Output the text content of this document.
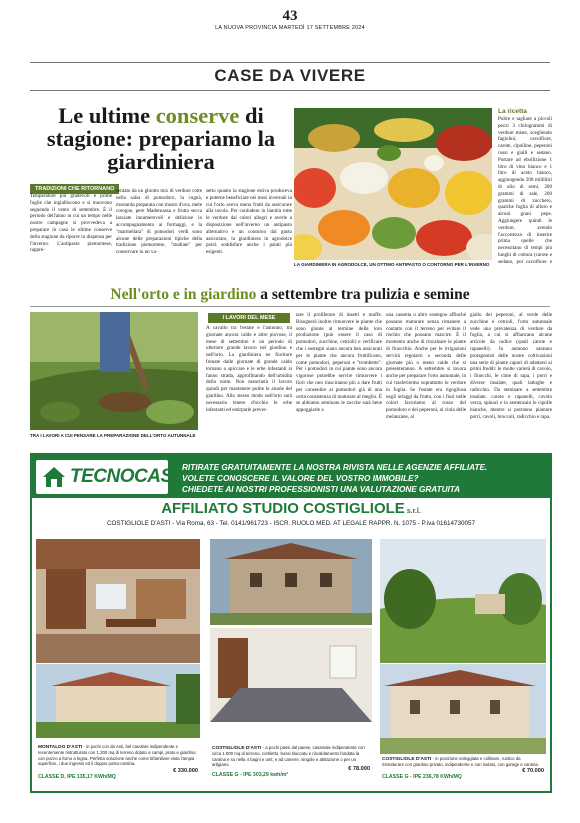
43
LA NUOVA PROVINCIA MARTEDÌ 17 SETTEMBRE 2024
CASE DA VIVERE
Le ultime conserve di stagione: prepariamo la giardiniera
TRADIZIONI CHE RITORNANO
Temperature più gradevoli e prime foglie che ingialliscono e si muovono seguendo il vento di settembre. È il periodo dell'anno in cui un tempo nelle nostre campagne si provvedeva a preparare in casa le ultime conserve della stagione da riporre in dispensa per l'inverno. L'antipasto piemontese, rappre-
sentato da un ghiotto mix di verdure cotte nella salsa di pomodoro, la cugnà, mostarda preparata con mosto d'uva, mele cotogne, pere Madernassa e frutta secca lasciate innumerevoli e deliziose in accompagnamento ai formaggi, e la "marmellata" di pomodori verdi sono alcune delle preparazioni tipiche della tradizione piemontese, "studiate" per conservare in un va-
setto quanto la stagione estiva produceva e poterne beneficiare nei mesi invernali in cui l'orto aveva meno frutti da assicurare alla tavola. Per conludere in bantità tutte le verdure dai colori allegri e averle a disposizione nell'inverno un antipasto alternativo e un contorno dal gusto assicurato, la giardiniera in agrodolce potrà soddisfare anche i palati più esigenti.
LA GIARDINIERA IN AGRODOLCE, UN OTTIMO ANTIPASTO O CONTORNO PER L'INVERNO
La ricetta
Pulire e tagliare a piccoli pezzi 3 chilogrammi di verdure miste, scegliendo fagiolini, cavolfiore, carote, cipolline, peperoni rossi e gialli e sedano. Portare ad ebollizione 1 litro di vino bianco e 1 litro di aceto bianco, aggiungendo 200 millilitri di olio di semi, 200 grammi di sale, 200 grammi di zucchero, qualche foglia di alloro e alcuni grani pepe. Aggiungere quindi le verdure, avendo l'accortezza di inserire prima quelle che necessitano di tempi più lunghi di cottura (carote e sedano, poi cavolfiore e
Nell'orto e in giardino a settembre tra pulizia e semine
TRA I LAVORI A CUI PENSARE LA PREPARAZIONE DELL'ORTO AUTUNNALE
I LAVORI DEL MESE
A cavallo tra l'estate e l'autunno, tra giornate ancora calde e altre piovose, il mese di settembre è un periodo di ulteriore grande lavoro nel giardino e nell'orto. La giardiniera ne fioriture frenate dalle giornate di grande caldo tornano a spiccare e le erbe infestanti si fanno strada, approfittando dell'umidità della notte. Non mancherà il lavoro quindi per mantenere pulite le aiuole del giardino. Allo stesso modo nell'orto sarà necessario tenere d'occhio le erbe infestanti ed estirparle prever-
tare il proliferare di insetti e muffe. Bisognerà inoltre rimuovere le piante che sono giunte al termine della loro produzione (può essere il caso di pomodori, zucchine, cetrioli) e verificare che i sostegni siano ancora ben assicurati per le piante che ancora fruttificano, come pomodori, peperoni e "trombette". Per i pomodori in cui piante sono ancora vigorose potrebbe servire rimuovere i fiori che non riusciranno più a dare frutti per consentire ai pomodori già di una certa consistenza di maturare al meglio. È se abbiamo seminato le zucche sarà bene appoggiarle a
una cassetta o altro sostegno affinché possano maturare senza rimanere a contatto con il terreno per evitare il rischio che possano marcire. È il momento anche di rincalzare le piante di finocchio. Anche per le irrigazioni servirà regolarsi a seconda delle giornate più o meno calde che si presenteranno. A settembre si lavora anche per preparare l'orto autunnale, in cui trasferiremo soprattutto le verdure in foglia. Se l'estate era rigogliosa negli ortaggi da frutto, con i fiori nelle colori favoriamo al rosso del pomodoro e dei peperoni, al viola delle melanzane, al
giallo dei peperoni, al verde delle zucchine e cetrioli, l'orto autunnale vede una prevalenza di verdure da foglia, a cui si affiancano alcune articole da radice (quali carote e rapanelli). In autunno saranno protagonisti delle nostre coltivazioni una serie di piante capaci di adattarsi ai primi freddi: le molte varietà di cavolo, i finocchi, le cime di rapa, i porri e diverse insalate, quali lattughe e radicchio. Da seminare a settembre insalate, carote e rapanelli, cavolo verza, spinaci e in semenzaio le cipolle bianche, mentre si potranno piantare porri, cavoli, broccoli, radicchio e rapa.
TECNOCASA
RITIRATE GRATUITAMENTE LA NOSTRA RIVISTA NELLE AGENZIE AFFILIATE.
VOLETE CONOSCERE IL VALORE DEL VOSTRO IMMOBILE?
CHIEDETE AI NOSTRI PROFESSIONISTI UNA VALUTAZIONE GRATUITA
AFFILIATO STUDIO COSTIGLIOLE s.r.l.
COSTIGLIOLE D'ASTI - Via Roma, 63 - Tel. 0141/961723 - ISCR. RUOLO MED. AT LEGALE RAPPR. N. 1075 - P.iva 01614730057
MONTALDO D'ASTI - in pochi con da Asti, bel casolare indipendente e recentemente ristrutturato con 1.200 mq di terreno dotato a campi, prato e giardino, con pozzo a forno a legna. Perfetta soluzione anche come bifamiliare vista l'ampia superficie, i due ingressi ed il doppio posto-cantina.
€ 330.000
CLASSE D, IPE 135,17 KWh/MQ
COSTIGLIOLE D'ASTI - a pochi passi dal paese, casamale indipendente con circa 1.000 mq di terreno, cortiletto, bossi tiluccatu e riscaldamento fondata la cantina e su nella 4 bagni e unit; e ad camere, singole e abitazione o per un artigiano.
€ 78.000
CLASSE G - IPE 303,29 kwh/m²
COSTIGLIOLE D'ASTI - in posizione soleggiata e collinare, rustico da ristrutturare con giardino privato, indipendente e non isolato, con garage e cantina.
€ 70.000
CLASSE G - IPE 236,78 KWh/MQ
